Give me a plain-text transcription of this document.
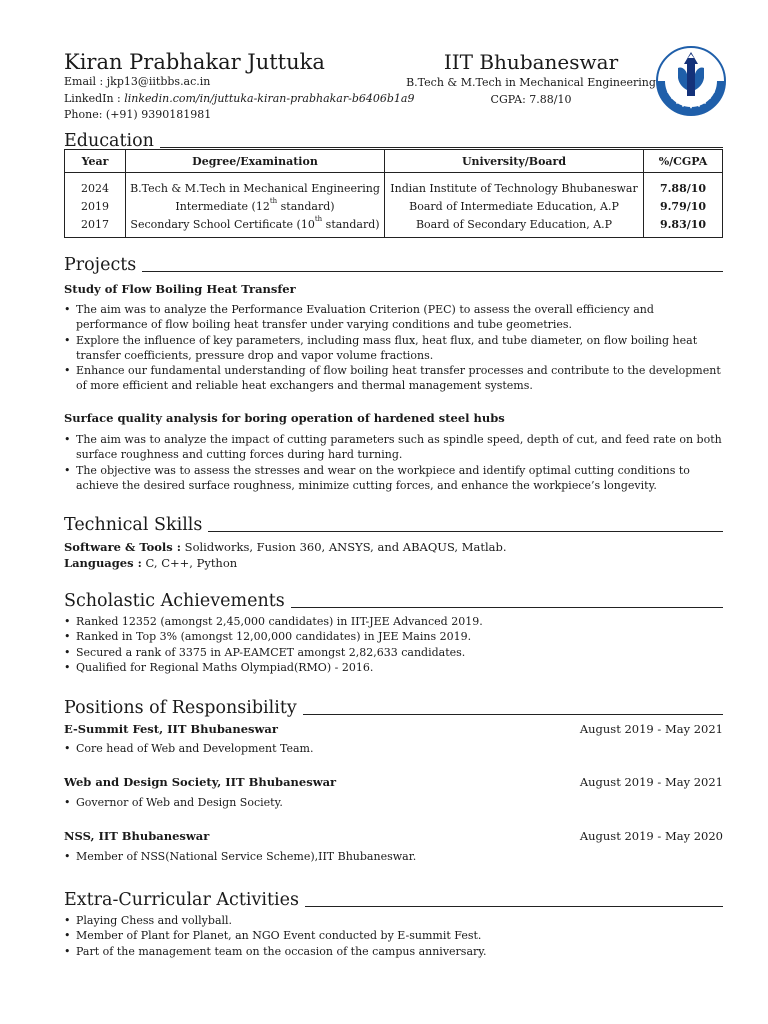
Kiran Prabhakar Juttuka
Email : jkp13@iitbbs.ac.in
LinkedIn : linkedin.com/in/juttuka-kiran-prabhakar-b6406b1a9
Phone: (+91) 9390181981
IIT Bhubaneswar
B.Tech & M.Tech in Mechanical Engineering
CGPA: 7.88/10
Education
Year	Degree/Examination	University/Board	%/CGPA
2024	B.Tech & M.Tech in Mechanical Engineering	Indian Institute of Technology Bhubaneswar	7.88/10
2019	Intermediate (12th standard)	Board of Intermediate Education, A.P	9.79/10
2017	Secondary School Certificate (10th standard)	Board of Secondary Education, A.P	9.83/10
Projects
Study of Flow Boiling Heat Transfer
• The aim was to analyze the Performance Evaluation Criterion (PEC) to assess the overall efficiency and performance of flow boiling heat transfer under varying conditions and tube geometries.
• Explore the influence of key parameters, including mass flux, heat flux, and tube diameter, on flow boiling heat transfer coefficients, pressure drop and vapor volume fractions.
• Enhance our fundamental understanding of flow boiling heat transfer processes and contribute to the development of more efficient and reliable heat exchangers and thermal management systems.
Surface quality analysis for boring operation of hardened steel hubs
• The aim was to analyze the impact of cutting parameters such as spindle speed, depth of cut, and feed rate on both surface roughness and cutting forces during hard turning.
• The objective was to assess the stresses and wear on the workpiece and identify optimal cutting conditions to achieve the desired surface roughness, minimize cutting forces, and enhance the workpiece’s longevity.
Technical Skills
Software & Tools : Solidworks, Fusion 360, ANSYS, and ABAQUS, Matlab.
Languages : C, C++, Python
Scholastic Achievements
• Ranked 12352 (amongst 2,45,000 candidates) in IIT-JEE Advanced 2019.
• Ranked in Top 3% (amongst 12,00,000 candidates) in JEE Mains 2019.
• Secured a rank of 3375 in AP-EAMCET amongst 2,82,633 candidates.
• Qualified for Regional Maths Olympiad(RMO) - 2016.
Positions of Responsibility
E-Summit Fest, IIT Bhubaneswar	August 2019 - May 2021
• Core head of Web and Development Team.
Web and Design Society, IIT Bhubaneswar	August 2019 - May 2021
• Governor of Web and Design Society.
NSS, IIT Bhubaneswar	August 2019 - May 2020
• Member of NSS(National Service Scheme),IIT Bhubaneswar.
Extra-Curricular Activities
• Playing Chess and vollyball.
• Member of Plant for Planet, an NGO Event conducted by E-summit Fest.
• Part of the management team on the occasion of the campus anniversary.
